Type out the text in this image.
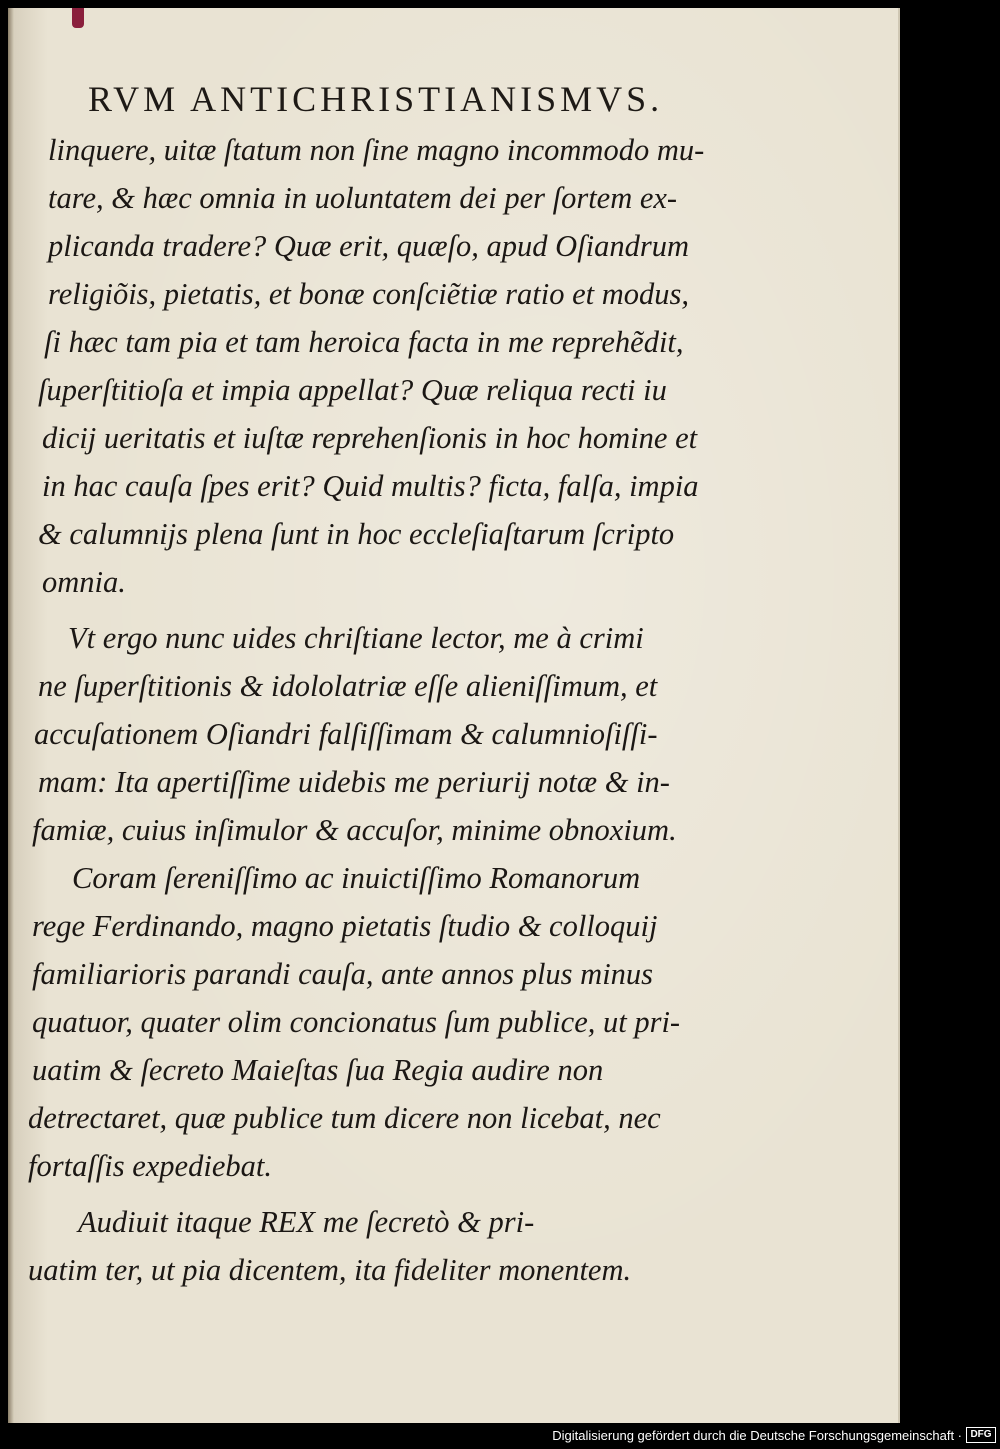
RVM ANTICHRISTIANISMVS.
linquere, uitæ ſtatum non ſine magno incommodo mu-
tare, & hæc omnia in uoluntatem dei per ſortem ex-
plicanda tradere? Quæ erit, quæſo, apud Oſiandrum
religiõis, pietatis, et bonæ conſciẽtiæ ratio et modus,
ſi hæc tam pia et tam heroica facta in me reprehẽdit,
ſuperſtitioſa et impia appellat? Quæ reliqua recti iu
dicij ueritatis et iuſtæ reprehenſionis in hoc homine et
in hac cauſa ſpes erit? Quid multis? ficta, falſa, impia
& calumnijs plena ſunt in hoc eccleſiaſtarum ſcripto
omnia.
Vt ergo nunc uides chriſtiane lector, me à crimi
ne ſuperſtitionis & idololatriæ eſſe alieniſſimum, et
accuſationem Oſiandri falſiſſimam & calumnioſiſſi-
mam: Ita apertiſſime uidebis me periurij notæ & in-
famiæ, cuius inſimulor & accuſor, minime obnoxium.
Coram ſereniſſimo ac inuictiſſimo Romanorum
rege Ferdinando, magno pietatis ſtudio & colloquij
familiarioris parandi cauſa, ante annos plus minus
quatuor, quater olim concionatus ſum publice, ut pri-
uatim & ſecreto Maieſtas ſua Regia audire non
detrectaret, quæ publice tum dicere non licebat, nec
fortaſſis expediebat.
Audiuit itaque REX me ſecretò & pri-
uatim ter, ut pia dicentem, ita fideliter monentem.
Digitalisierung gefördert durch die Deutsche Forschungsgemeinschaft · DFG
